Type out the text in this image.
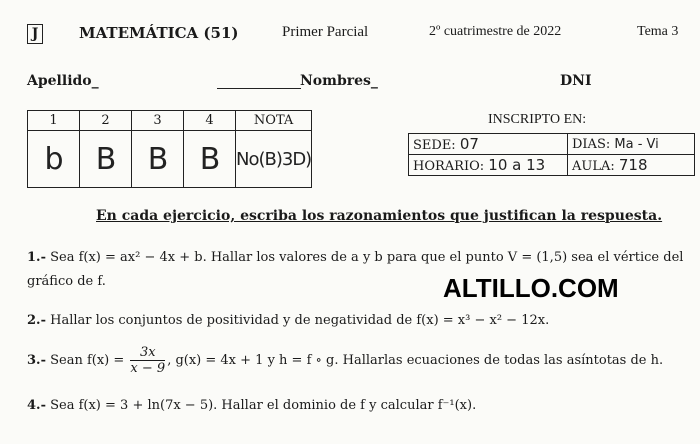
J	MATEMÁTICA (51)	Primer Parcial	2º cuatrimestre de 2022	Tema 3
Apellido_	Nombres_	DNI
1	2	3	4	NOTA
b	B	B	B	No(B)3D)
INSCRIPTO EN:
SEDE: 07	DIAS: Ma - Vi
HORARIO: 10 a 13	AULA: 718
En cada ejercicio, escriba los razonamientos que justifican la respuesta.
1.- Sea f(x) = ax² − 4x + b. Hallar los valores de a y b para que el punto V = (1,5) sea el vértice del
gráfico de f.	ALTILLO.COM
2.- Hallar los conjuntos de positividad y de negatividad de f(x) = x³ − x² − 12x.
3.- Sean $f(x) = \frac{3x}{x - 9}$ , g(x) = 4x + 1 y h = f ∘ g. Hallarlas ecuaciones de todas las asíntotas de h.
4.- Sea f(x) = 3 + ln(7x − 5). Hallar el dominio de f y calcular f⁻¹(x).
